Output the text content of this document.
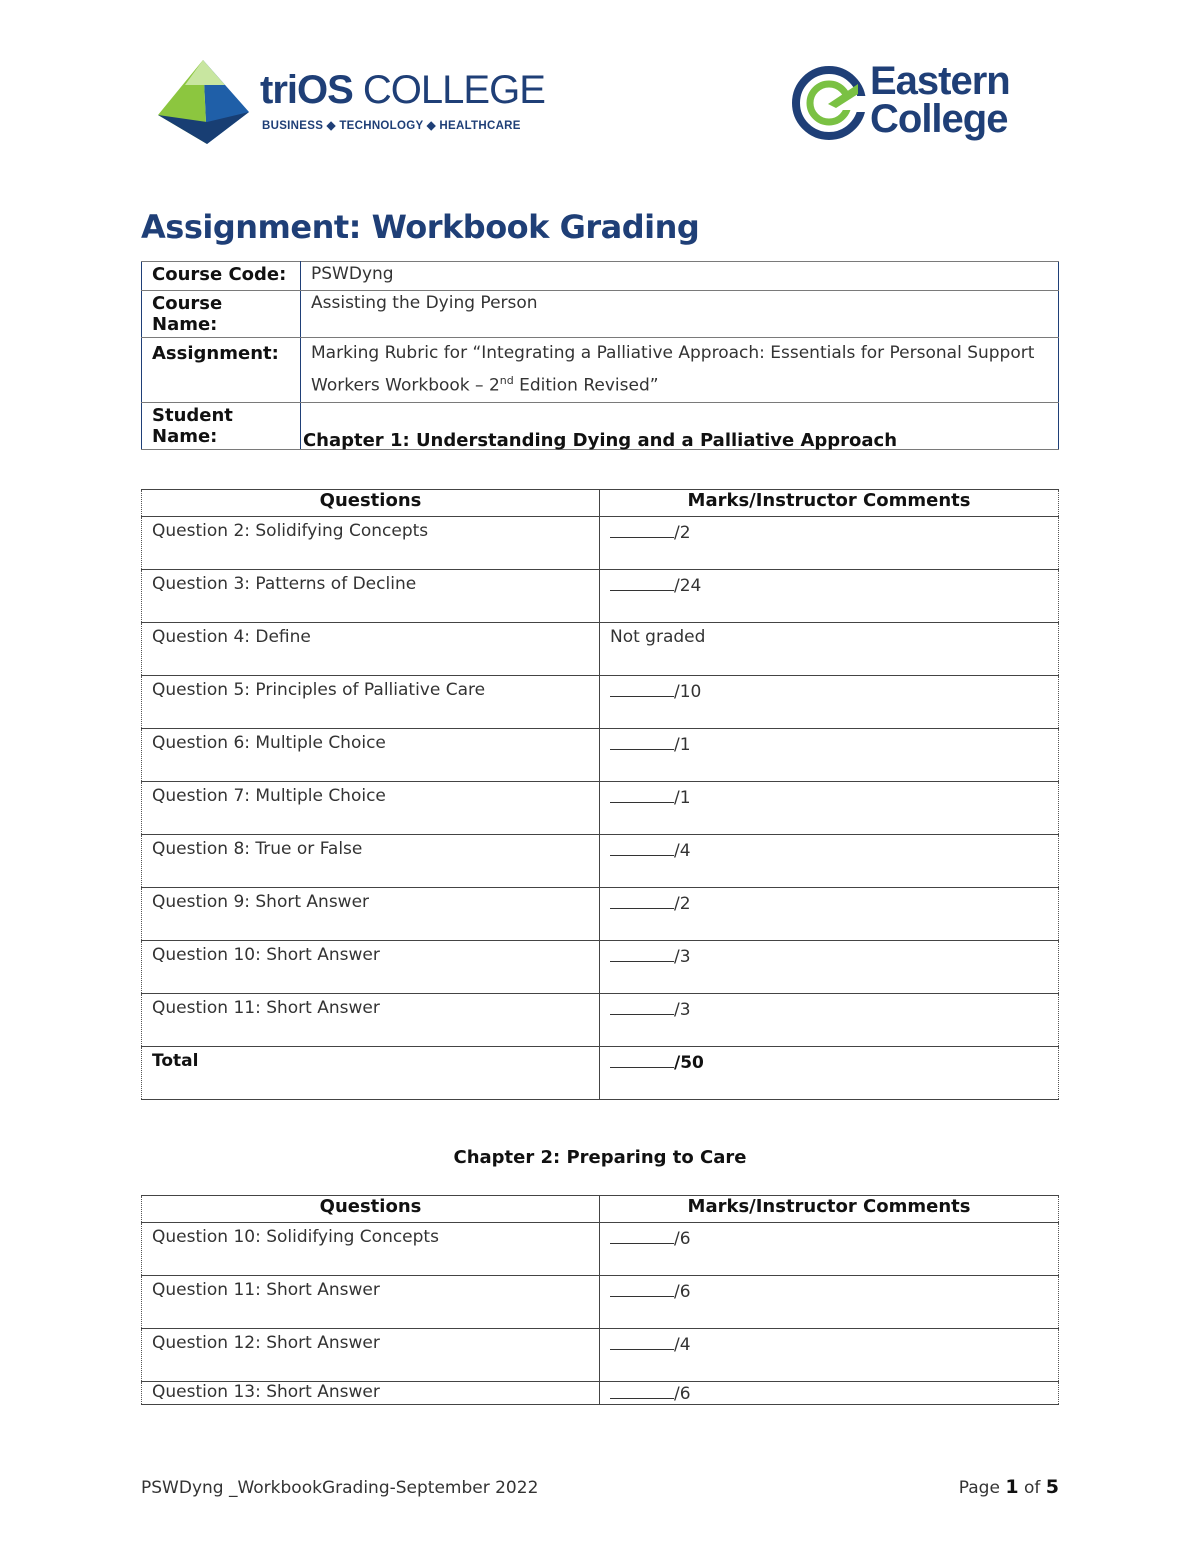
triOS COLLEGE
BUSINESS ◆ TECHNOLOGY ◆ HEALTHCARE
Eastern
College
Assignment: Workbook Grading
Course Code:	PSWDyng
Course Name:	Assisting the Dying Person
Assignment:	Marking Rubric for “Integrating a Palliative Approach: Essentials for Personal Support Workers Workbook – 2nd Edition Revised”
Student Name:		Chapter 1: Understanding Dying and a Palliative Approach
Questions	Marks/Instructor Comments
Question 2: Solidifying Concepts	/2
Question 3: Patterns of Decline	/24
Question 4: Define	Not graded
Question 5: Principles of Palliative Care	/10
Question 6: Multiple Choice	/1
Question 7: Multiple Choice	/1
Question 8: True or False	/4
Question 9: Short Answer	/2
Question 10: Short Answer	/3
Question 11: Short Answer	/3
Total	/50
Chapter 2: Preparing to Care
Questions	Marks/Instructor Comments
Question 10: Solidifying Concepts	/6
Question 11: Short Answer	/6
Question 12: Short Answer	/4
Question 13: Short Answer	/6
PSWDyng _WorkbookGrading-September 2022	Page 1 of 5
